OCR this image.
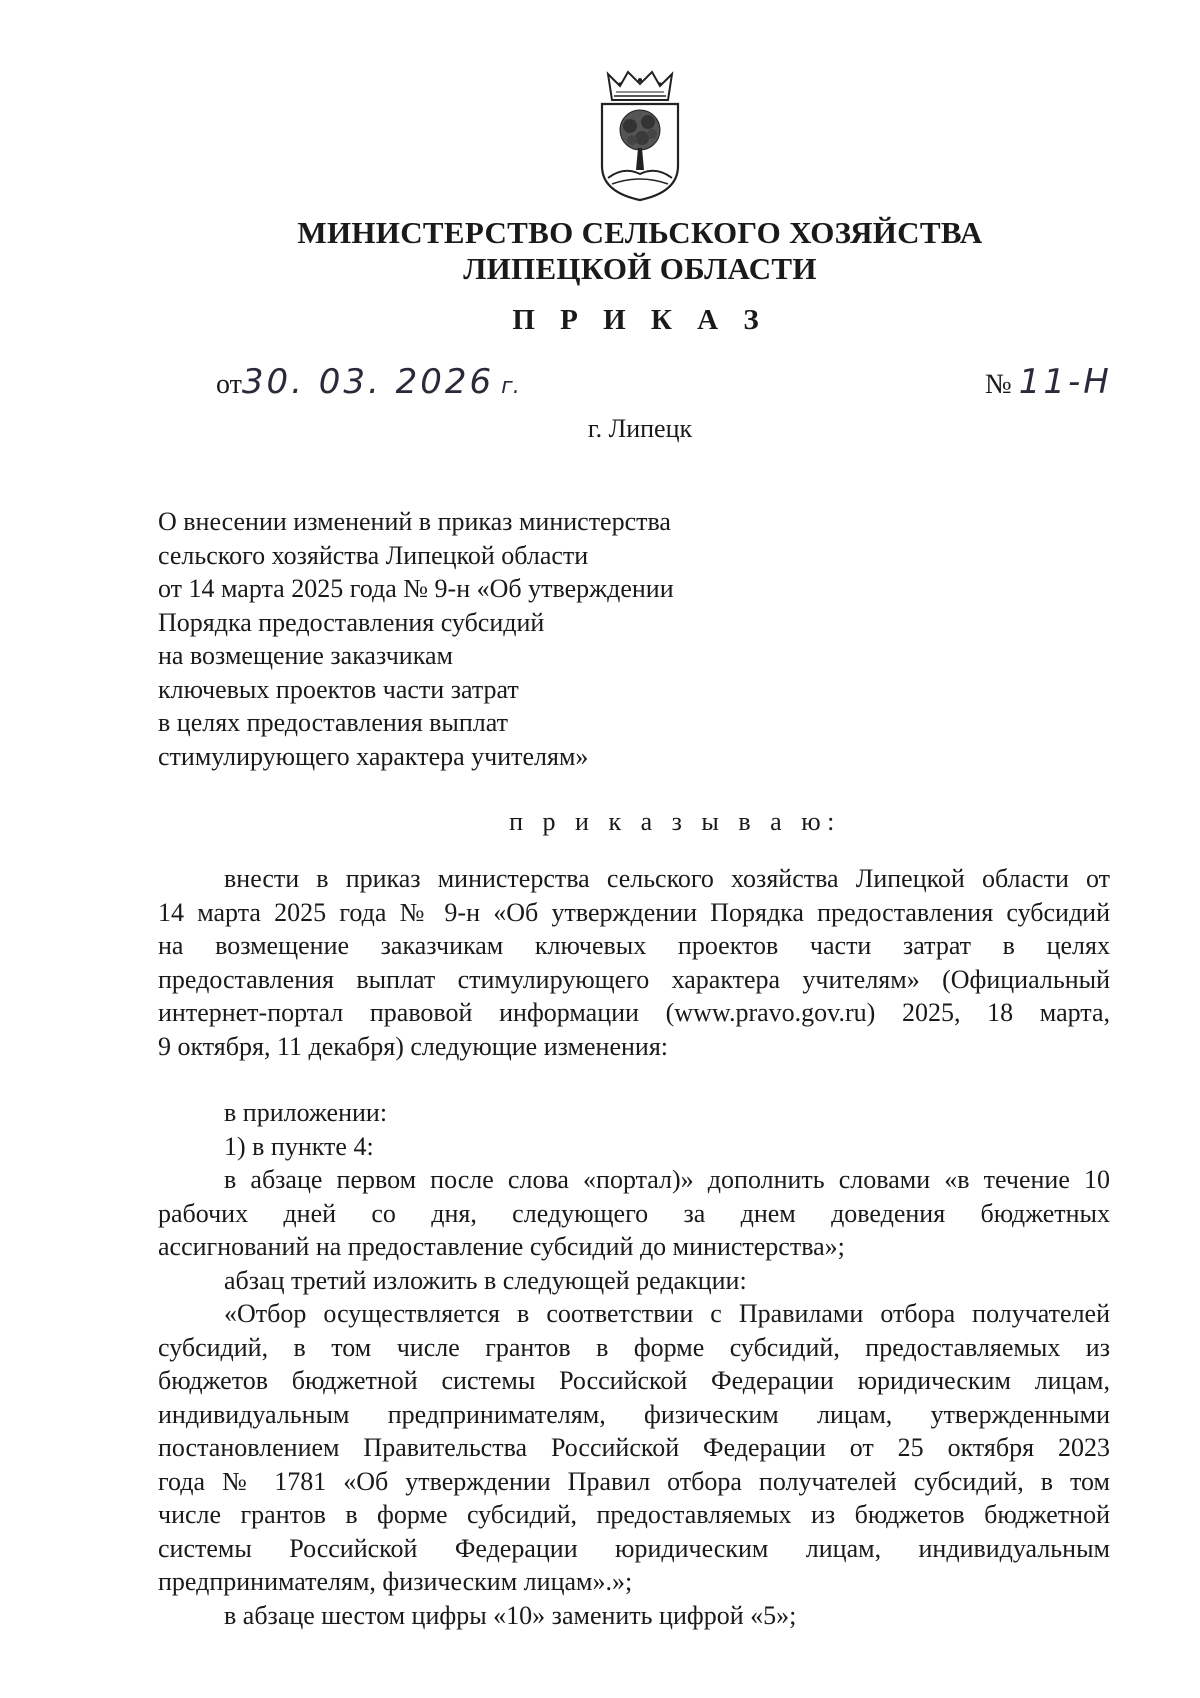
МИНИСТЕРСТВО СЕЛЬСКОГО ХОЗЯЙСТВА
ЛИПЕЦКОЙ ОБЛАСТИ
П Р И К А З
от30. 03. 2026 г.	№ 11-Н
г. Липецк
О внесении изменений в приказ министерства
сельского хозяйства Липецкой области
от 14 марта 2025 года № 9-н «Об утверждении
Порядка предоставления субсидий
на возмещение заказчикам
ключевых проектов части затрат
в целях предоставления выплат
стимулирующего характера учителям»
п р и к а з ы в а ю:
внести в приказ министерства сельского хозяйства Липецкой области от
14 марта 2025 года № 9-н «Об утверждении Порядка предоставления субсидий
на возмещение заказчикам ключевых проектов части затрат в целях
предоставления выплат стимулирующего характера учителям» (Официальный
интернет-портал правовой информации (www.pravo.gov.ru) 2025, 18 марта,
9 октября, 11 декабря) следующие изменения:
в приложении:
1) в пункте 4:
в абзаце первом после слова «портал)» дополнить словами «в течение 10
рабочих дней со дня, следующего за днем доведения бюджетных
ассигнований на предоставление субсидий до министерства»;
абзац третий изложить в следующей редакции:
«Отбор осуществляется в соответствии с Правилами отбора получателей
субсидий, в том числе грантов в форме субсидий, предоставляемых из
бюджетов бюджетной системы Российской Федерации юридическим лицам,
индивидуальным предпринимателям, физическим лицам, утвержденными
постановлением Правительства Российской Федерации от 25 октября 2023
года № 1781 «Об утверждении Правил отбора получателей субсидий, в том
числе грантов в форме субсидий, предоставляемых из бюджетов бюджетной
системы Российской Федерации юридическим лицам, индивидуальным
предпринимателям, физическим лицам».»;
в абзаце шестом цифры «10» заменить цифрой «5»;
